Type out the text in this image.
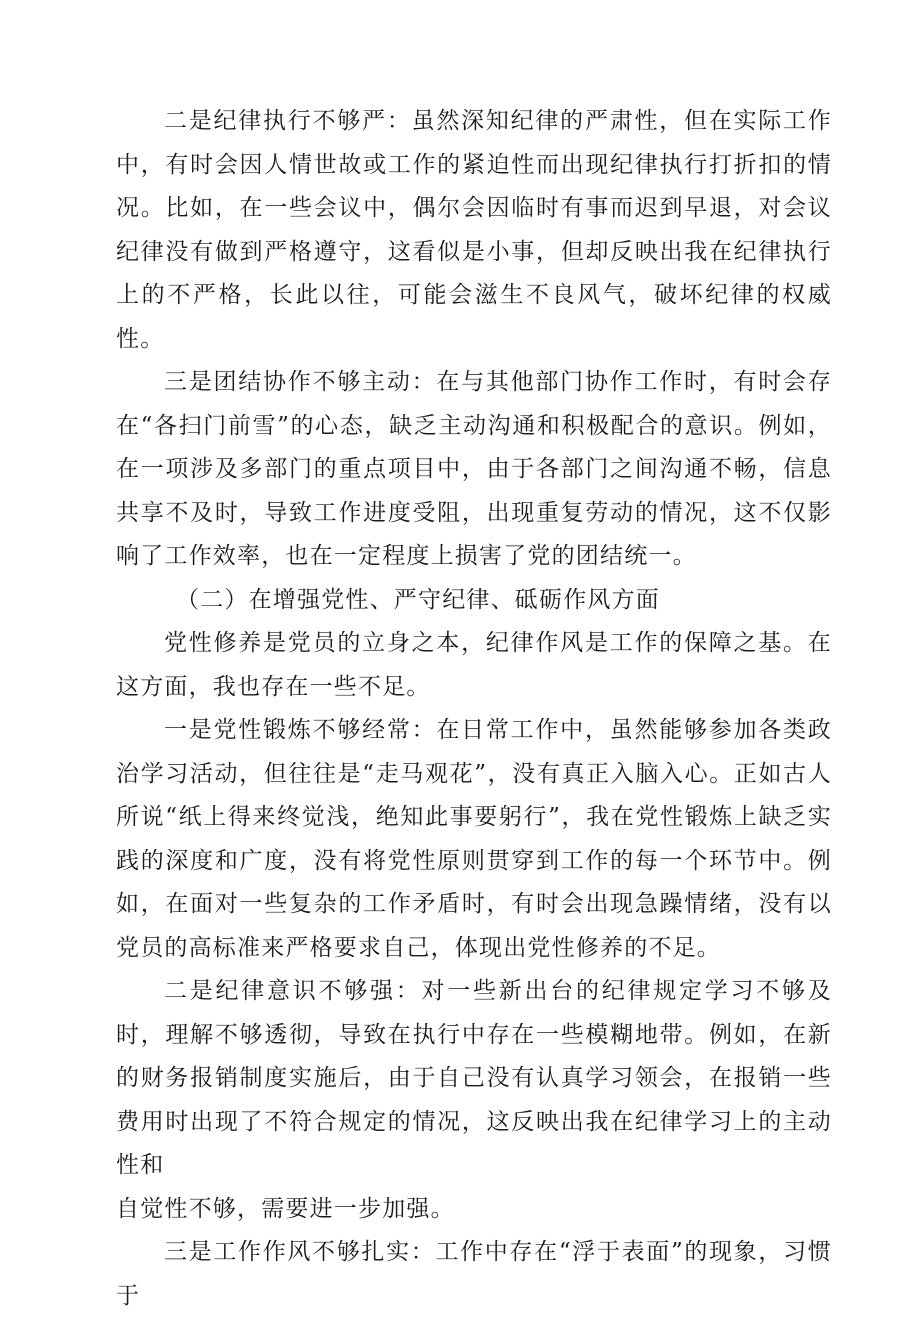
二是纪律执行不够严：虽然深知纪律的严肃性，但在实际工作中，有时会因人情世故或工作的紧迫性而出现纪律执行打折扣的情况。比如，在一些会议中，偶尔会因临时有事而迟到早退，对会议纪律没有做到严格遵守，这看似是小事，但却反映出我在纪律执行上的不严格，长此以往，可能会滋生不良风气，破坏纪律的权威性。

三是团结协作不够主动：在与其他部门协作工作时，有时会存在“各扫门前雪”的心态，缺乏主动沟通和积极配合的意识。例如，在一项涉及多部门的重点项目中，由于各部门之间沟通不畅，信息共享不及时，导致工作进度受阻，出现重复劳动的情况，这不仅影响了工作效率，也在一定程度上损害了党的团结统一。

（二）在增强党性、严守纪律、砥砺作风方面

党性修养是党员的立身之本，纪律作风是工作的保障之基。在这方面，我也存在一些不足。

一是党性锻炼不够经常：在日常工作中，虽然能够参加各类政治学习活动，但往往是“走马观花”，没有真正入脑入心。正如古人所说“纸上得来终觉浅，绝知此事要躬行”，我在党性锻炼上缺乏实践的深度和广度，没有将党性原则贯穿到工作的每一个环节中。例如，在面对一些复杂的工作矛盾时，有时会出现急躁情绪，没有以党员的高标准来严格要求自己，体现出党性修养的不足。

二是纪律意识不够强：对一些新出台的纪律规定学习不够及时，理解不够透彻，导致在执行中存在一些模糊地带。例如，在新的财务报销制度实施后，由于自己没有认真学习领会，在报销一些费用时出现了不符合规定的情况，这反映出我在纪律学习上的主动性和

自觉性不够，需要进一步加强。

三是工作作风不够扎实：工作中存在“浮于表面”的现象，习惯于
